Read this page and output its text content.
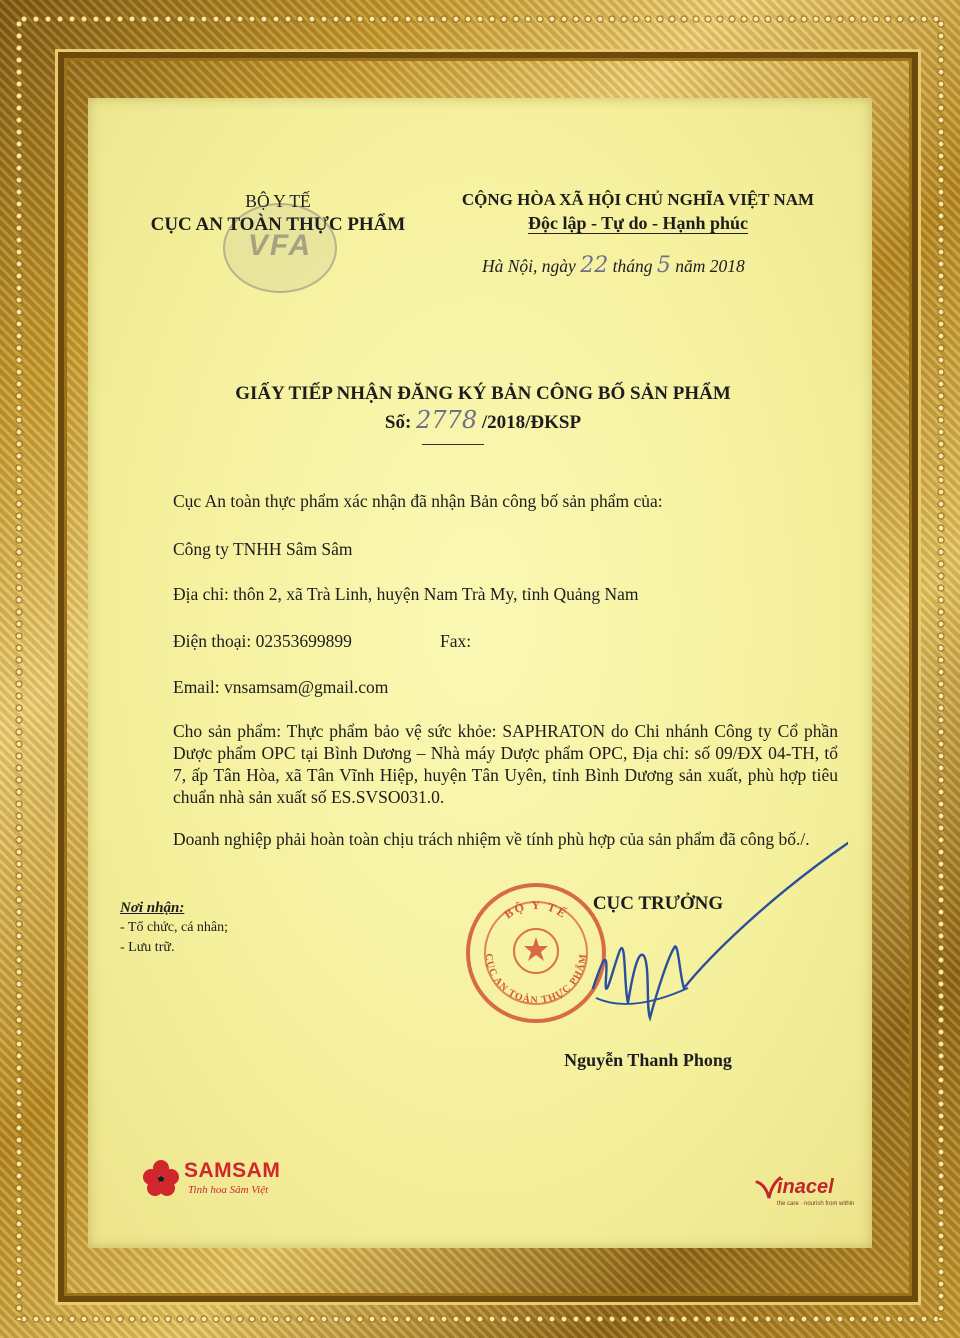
VFA
BỘ Y TẾ
CỤC AN TOÀN THỰC PHẨM
CỘNG HÒA XÃ HỘI CHỦ NGHĨA VIỆT NAM
Độc lập - Tự do - Hạnh phúc
Hà Nội, ngày 22 tháng 5 năm 2018
GIẤY TIẾP NHẬN ĐĂNG KÝ BẢN CÔNG BỐ SẢN PHẨM
Số: 2778 /2018/ĐKSP
Cục An toàn thực phẩm xác nhận đã nhận Bản công bố sản phẩm của:
Công ty TNHH Sâm Sâm
Địa chỉ: thôn 2, xã Trà Linh, huyện Nam Trà My, tỉnh Quảng Nam
Điện thoại: 02353699899	Fax:
Email: vnsamsam@gmail.com
Cho sản phẩm: Thực phẩm bảo vệ sức khỏe: SAPHRATON do Chi nhánh Công ty Cổ phần Dược phẩm OPC tại Bình Dương – Nhà máy Dược phẩm OPC, Địa chỉ: số 09/ĐX 04-TH, tổ 7, ấp Tân Hòa, xã Tân Vĩnh Hiệp, huyện Tân Uyên, tỉnh Bình Dương sản xuất, phù hợp tiêu chuẩn nhà sản xuất số ES.SVSO031.0.
Doanh nghiệp phải hoàn toàn chịu trách nhiệm về tính phù hợp của sản phẩm đã công bố./.
Nơi nhận:
- Tổ chức, cá nhân;
- Lưu trữ.
CỤC TRƯỞNG
BỘ Y TẾ
CỤC AN TOÀN THỰC PHẨM
Nguyễn Thanh Phong
SAMSAM
Tinh hoa Sâm Việt	inacel
the care · nourish from within
